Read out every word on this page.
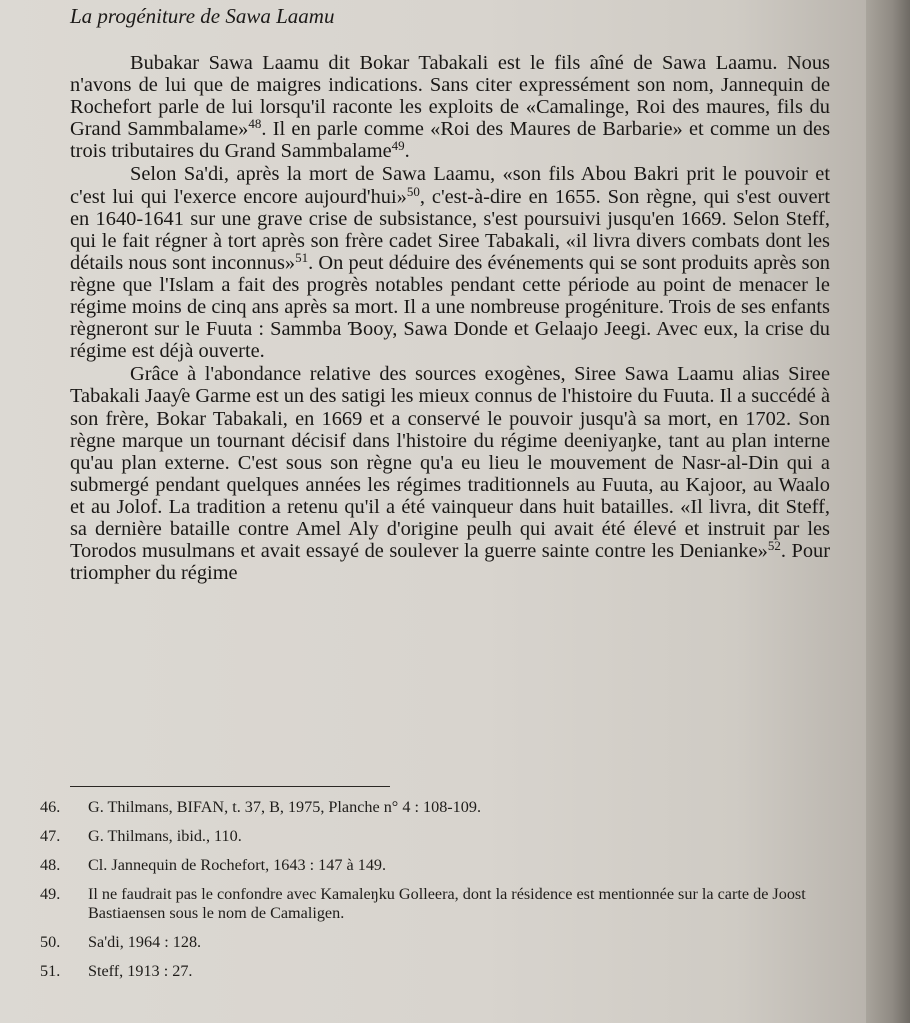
La progéniture de Sawa Laamu

Bubakar Sawa Laamu dit Bokar Tabakali est le fils aîné de Sawa Laamu. Nous n'avons de lui que de maigres indications. Sans citer expressément son nom, Jannequin de Rochefort parle de lui lorsqu'il raconte les exploits de «Camalinge, Roi des maures, fils du Grand Sammbalame»$^{48}$. Il en parle comme «Roi des Maures de Barbarie» et comme un des trois tributaires du Grand Sammbalame$^{49}$.

Selon Sa'di, après la mort de Sawa Laamu, «son fils Abou Bakri prit le pouvoir et c'est lui qui l'exerce encore aujourd'hui»$^{50}$, c'est-à-dire en 1655. Son règne, qui s'est ouvert en 1640-1641 sur une grave crise de subsistance, s'est poursuivi jusqu'en 1669. Selon Steff, qui le fait régner à tort après son frère cadet Siree Tabakali, «il livra divers combats dont les détails nous sont inconnus»$^{51}$. On peut déduire des événements qui se sont produits après son règne que l'Islam a fait des progrès notables pendant cette période au point de menacer le régime moins de cinq ans après sa mort. Il a une nombreuse progéniture. Trois de ses enfants règneront sur le Fuuta : Sammba Ɓooy, Sawa Donde et Gelaajo Jeegi. Avec eux, la crise du régime est déjà ouverte.

Grâce à l'abondance relative des sources exogènes, Siree Sawa Laamu alias Siree Tabakali Jaaƴe Garme est un des satigi les mieux connus de l'histoire du Fuuta. Il a succédé à son frère, Bokar Tabakali, en 1669 et a conservé le pouvoir jusqu'à sa mort, en 1702. Son règne marque un tournant décisif dans l'histoire du régime deeniyaŋke, tant au plan interne qu'au plan externe. C'est sous son règne qu'a eu lieu le mouvement de Nasr-al-Din qui a submergé pendant quelques années les régimes traditionnels au Fuuta, au Kajoor, au Waalo et au Jolof. La tradition a retenu qu'il a été vainqueur dans huit batailles. «Il livra, dit Steff, sa dernière bataille contre Amel Aly d'origine peulh qui avait été élevé et instruit par les Torodos musulmans et avait essayé de soulever la guerre sainte contre les Denianke»$^{52}$. Pour triompher du régime

46.	G. Thilmans, BIFAN, t. 37, B, 1975, Planche n° 4 : 108-109.
47.	G. Thilmans, ibid., 110.
48.	Cl. Jannequin de Rochefort, 1643 : 147 à 149.
49.	Il ne faudrait pas le confondre avec Kamaleŋku Golleera, dont la résidence est mentionnée sur la carte de Joost Bastiaensen sous le nom de Camaligen.
50.	Sa'di, 1964 : 128.
51.	Steff, 1913 : 27.
